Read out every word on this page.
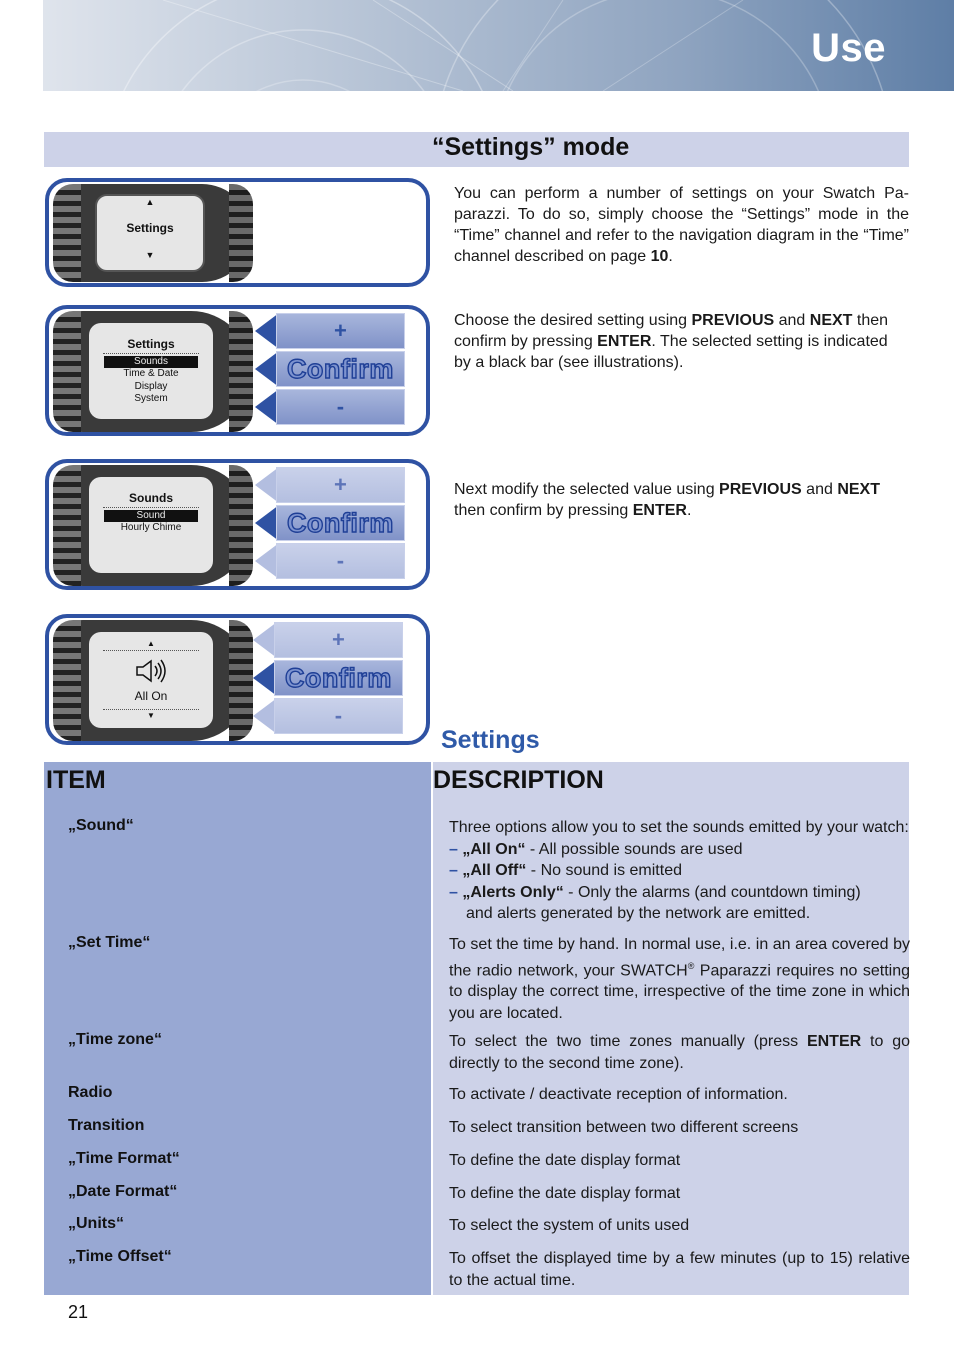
Use
“Settings” mode
▲
Settings
▼
Settings
Sounds
Time & Date
Display
System
+
Confirm
-
Sounds
Sound
Hourly Chime
+
Confirm
-
▲
All On
▼
+
Confirm
-
You can perform a number of settings on your Swatch Pa-parazzi. To do so, simply choose the “Settings” mode in the “Time” channel and refer to the navigation diagram in the “Time” channel described on page 10.
Choose the desired setting using PREVIOUS and NEXT then confirm by pressing ENTER. The selected setting is indicated by a black bar (see illustrations).
Next modify the selected value using PREVIOUS and NEXT then confirm by pressing ENTER.
Settings
ITEM	DESCRIPTION
„Sound“	Three options allow you to set the sounds emitted by your watch:
– „All On“ - All possible sounds are used
– „All Off“ - No sound is emitted
– „Alerts Only“ - Only the alarms (and countdown timing)
and alerts generated by the network are emitted.
„Set Time“	To set the time by hand. In normal use, i.e. in an area covered by the radio network, your SWATCH® Paparazzi requires no setting to display the correct time, irrespective of the time zone in which you are located.
„Time zone“	To select the two time zones manually (press ENTER to go directly to the second time zone).
Radio	To activate / deactivate reception of information.
Transition	To select transition between two different screens
„Time Format“	To define the date display format
„Date Format“	To define the date display format
„Units“	To select the system of units used
„Time Offset“	To offset the displayed time by a few minutes (up to 15) relative to the actual time.
21
